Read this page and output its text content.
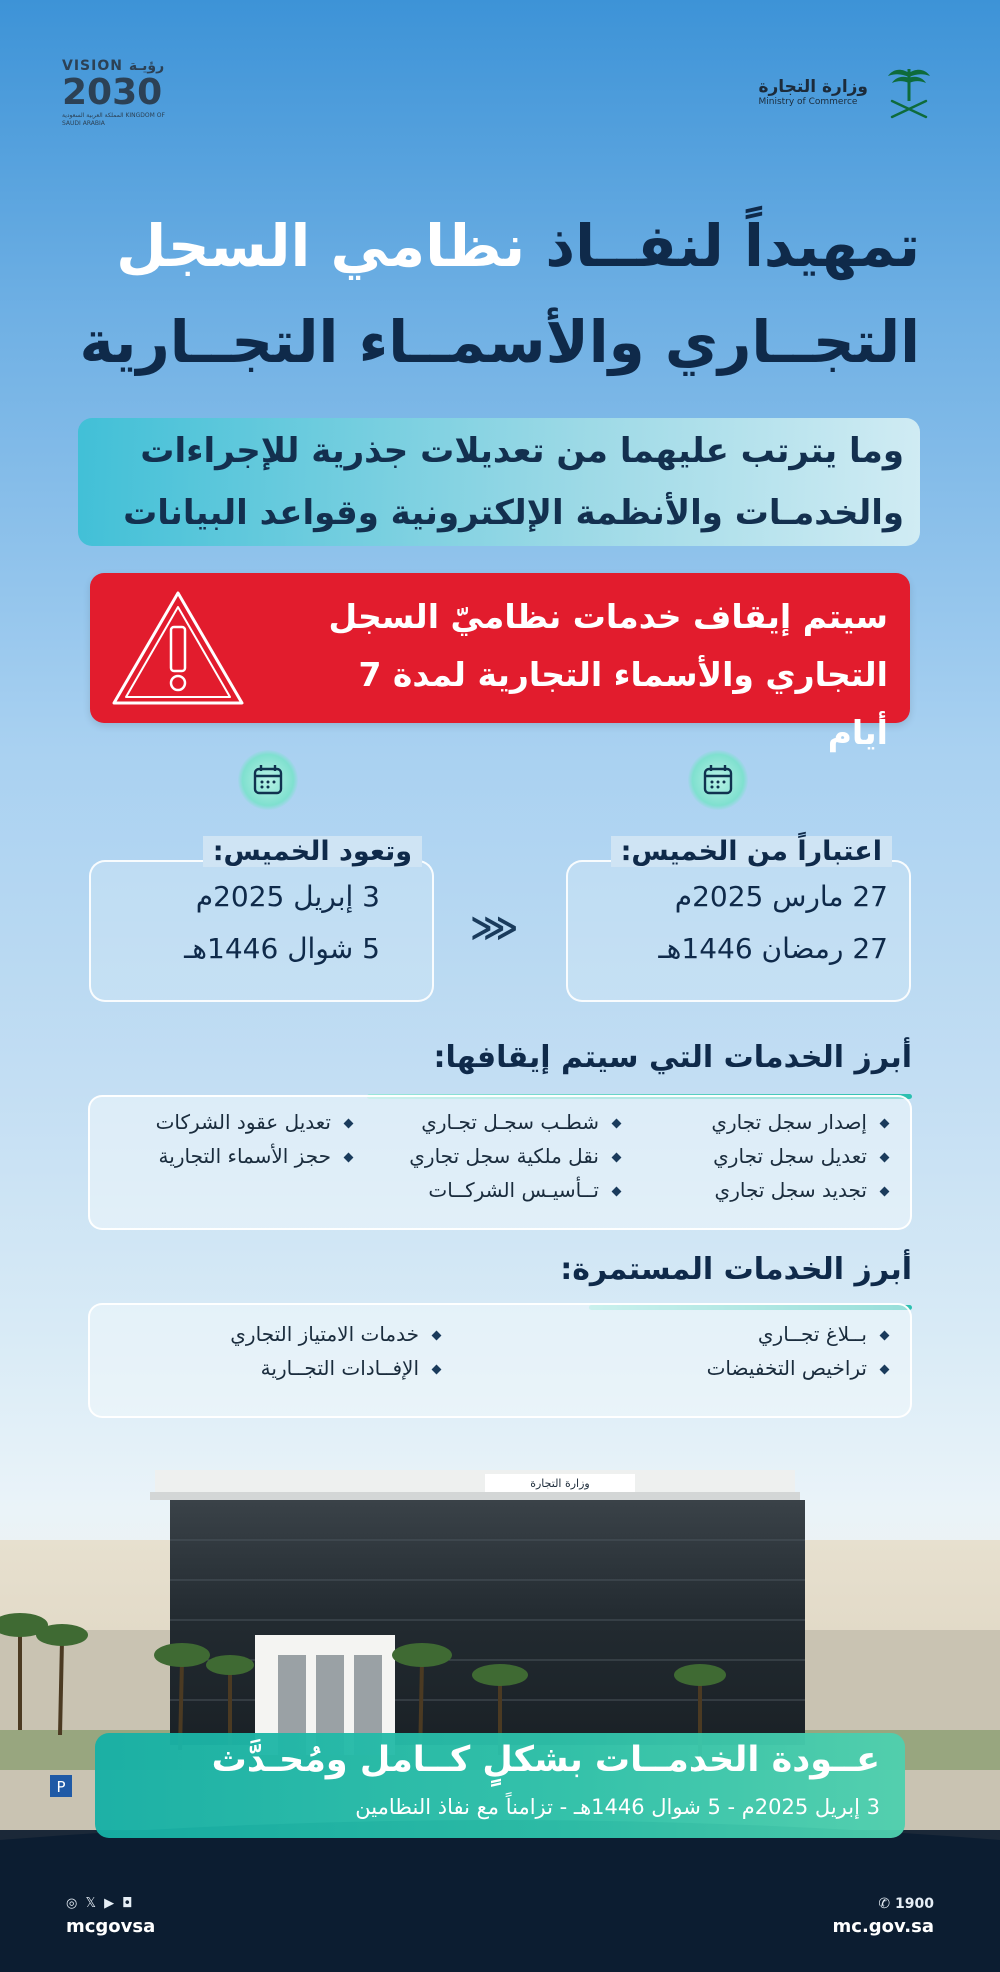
VISION رؤيـة
2030
المملكة العربية السعودية KINGDOM OF SAUDI ARABIA
وزارة التجارة
Ministry of Commerce
تمهيداً لنفــاذ نظامي السجل
التجــاري والأسمــاء التجــارية
وما يترتب عليهما من تعديلات جذرية للإجراءات
والخدمـات والأنظمة الإلكترونية وقواعد البيانات
سيتم إيقاف خدمات نظاميّ السجل
التجاري والأسماء التجارية لمدة 7 أيام
اعتباراً من الخميس:
27 مارس 2025م
27 رمضان 1446هـ
⋘
وتعود الخميس:
3 إبريل 2025م
5 شوال 1446هـ
أبرز الخدمات التي سيتم إيقافها:
إصدار سجل تجاري
تعديل سجل تجاري
تجديد سجل تجاري
شطـب سجـل تجـاري
نقل ملكية سجل تجاري
تــأسيـس الشركــات
تعديل عقود الشركات
حجز الأسماء التجارية
أبرز الخدمات المستمرة:
بــلاغ تجــاري
تراخيص التخفيضات
خدمات الامتياز التجاري
الإفــادات التجــارية
وزارة التجارة
P
عــودة الخدمــات بشكلٍ كــامل ومُحـدَّث
3 إبريل 2025م - 5 شوال 1446هـ - تزامناً مع نفاذ النظامين
◎ 𝕏 ▶ ◘
mcgovsa
✆ 1900
mc.gov.sa
